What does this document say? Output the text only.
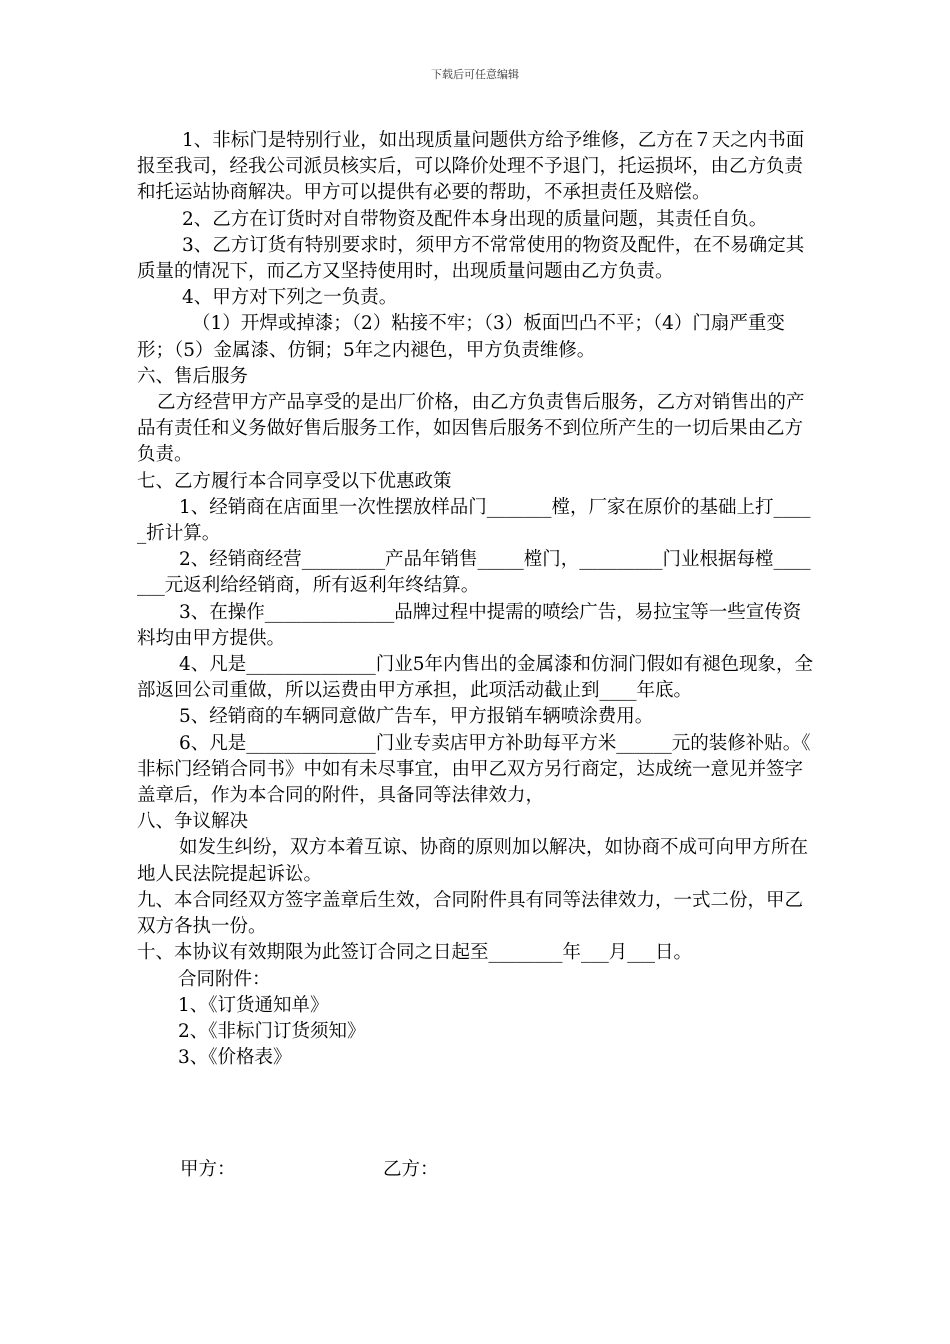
下载后可任意编辑

1、非标门是特别行业，如出现质量问题供方给予维修，乙方在７天之内书面报至我司，经我公司派员核实后，可以降价处理不予退门，托运损坏，由乙方负责和托运站协商解决。甲方可以提供有必要的帮助，不承担责任及赔偿。

2、乙方在订货时对自带物资及配件本身出现的质量问题，其责任自负。

3、乙方订货有特别要求时，须甲方不常常使用的物资及配件，在不易确定其质量的情况下，而乙方又坚持使用时，出现质量问题由乙方负责。

4、甲方对下列之一负责。

（1）开焊或掉漆；（2）粘接不牢；（3）板面凹凸不平；（4）门扇严重变形；（5）金属漆、仿铜；5年之内褪色，甲方负责维修。

六、售后服务

乙方经营甲方产品享受的是出厂价格，由乙方负责售后服务，乙方对销售出的产品有责任和义务做好售后服务工作，如因售后服务不到位所产生的一切后果由乙方负责。

七、乙方履行本合同享受以下优惠政策

1、经销商在店面里一次性摆放样品门_______樘，厂家在原价的基础上打_____折计算。

2、经销商经营_________产品年销售_____樘门，_________门业根据每樘_______元返利给经销商，所有返利年终结算。

3、在操作______________品牌过程中提需的喷绘广告，易拉宝等一些宣传资料均由甲方提供。

4、凡是______________门业5年内售出的金属漆和仿洞门假如有褪色现象，全部返回公司重做，所以运费由甲方承担，此项活动截止到____年底。

5、经销商的车辆同意做广告车，甲方报销车辆喷涂费用。

6、凡是______________门业专卖店甲方补助每平方米______元的装修补贴。《　　　非标门经销合同书》中如有未尽事宜，由甲乙双方另行商定，达成统一意见并签字盖章后，作为本合同的附件，具备同等法律效力，

八、争议解决

如发生纠纷，双方本着互谅、协商的原则加以解决，如协商不成可向甲方所在地人民法院提起诉讼。

九、本合同经双方签字盖章后生效，合同附件具有同等法律效力，一式二份，甲乙双方各执一份。

十、本协议有效期限为此签订合同之日起至________年___月___日。

合同附件：

1、《订货通知单》

2、《非标门订货须知》

3、《价格表》

甲方：	乙方：
